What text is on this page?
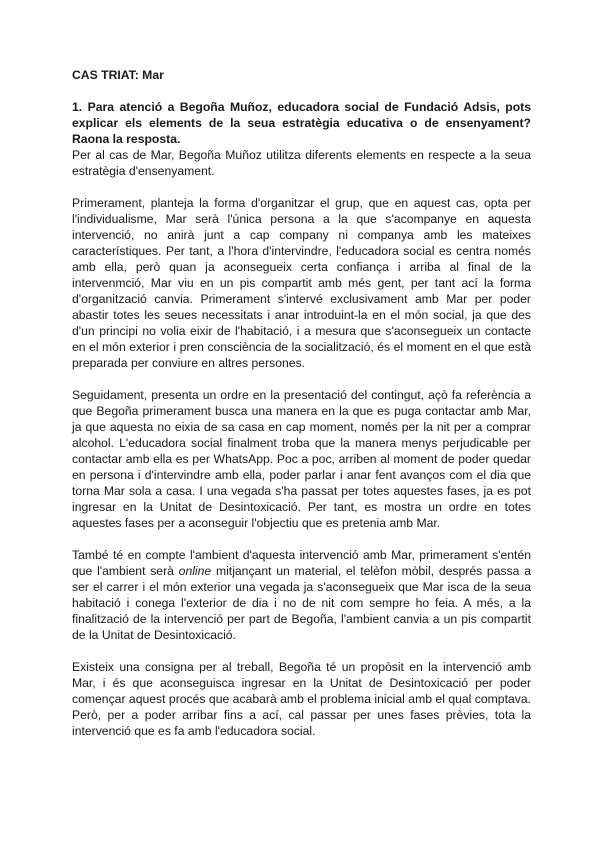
CAS TRIAT: Mar
1. Para atenció a Begoña Muñoz, educadora social de Fundació Adsis, pots explicar els elements de la seua estratègia educativa o de ensenyament? Raona la resposta.

Per al cas de Mar, Begoña Muñoz utilitza diferents elements en respecte a la seua estratègia d'ensenyament.

Primerament, planteja la forma d'organitzar el grup, que en aquest cas, opta per l'individualisme, Mar serà l'única persona a la que s'acompanye en aquesta intervenció, no anirà junt a cap company ni companya amb les mateixes característiques. Per tant, a l'hora d'intervindre, l'educadora social es centra només amb ella, però quan ja aconsegueix certa confiança i arriba al final de la intervenmció, Mar viu en un pis compartit amb més gent, per tant ací la forma d'organització canvia. Primerament s'intervé exclusivament amb Mar per poder abastir totes les seues necessitats i anar introduint-la en el món social, ja que des d'un principi no volia eixir de l'habitació, i a mesura que s'aconsegueix un contacte en el món exterior i pren consciència de la socialització, és el moment en el que està preparada per conviure en altres persones.

Seguidament, presenta un ordre en la presentació del contingut, açò fa referència a que Begoña primerament busca una manera en la que es puga contactar amb Mar, ja que aquesta no eixia de sa casa en cap moment, només per la nit per a comprar alcohol. L'educadora social finalment troba que la manera menys perjudicable per contactar amb ella es per WhatsApp. Poc a poc, arriben al moment de poder quedar en persona i d'intervindre amb ella, poder parlar i anar fent avanços com el dia que torna Mar sola a casa. I una vegada s'ha passat per totes aquestes fases, ja es pot ingresar en la Unitat de Desintoxicació. Per tant, es mostra un ordre en totes aquestes fases per a aconseguir l'objectiu que es pretenia amb Mar.

També té en compte l'ambient d'aquesta intervenció amb Mar, primerament s'entén que l'ambient serà online mitjançant un material, el telèfon mòbil, després passa a ser el carrer i el món exterior una vegada ja s'aconsegueix que Mar isca de la seua habitació i conega l'exterior de dia i no de nit com sempre ho feia. A més, a la finalització de la intervenció per part de Begoña, l'ambient canvia a un pis compartit de la Unitat de Desintoxicació.

Existeix una consigna per al treball, Begoña té un propòsit en la intervenció amb Mar, i és que aconseguisca ingresar en la Unitat de Desintoxicació per poder començar aquest procés que acabarà amb el problema inicial amb el qual comptava. Però, per a poder arribar fins a ací, cal passar per unes fases prèvies, tota la intervenció que es fa amb l'educadora social.
